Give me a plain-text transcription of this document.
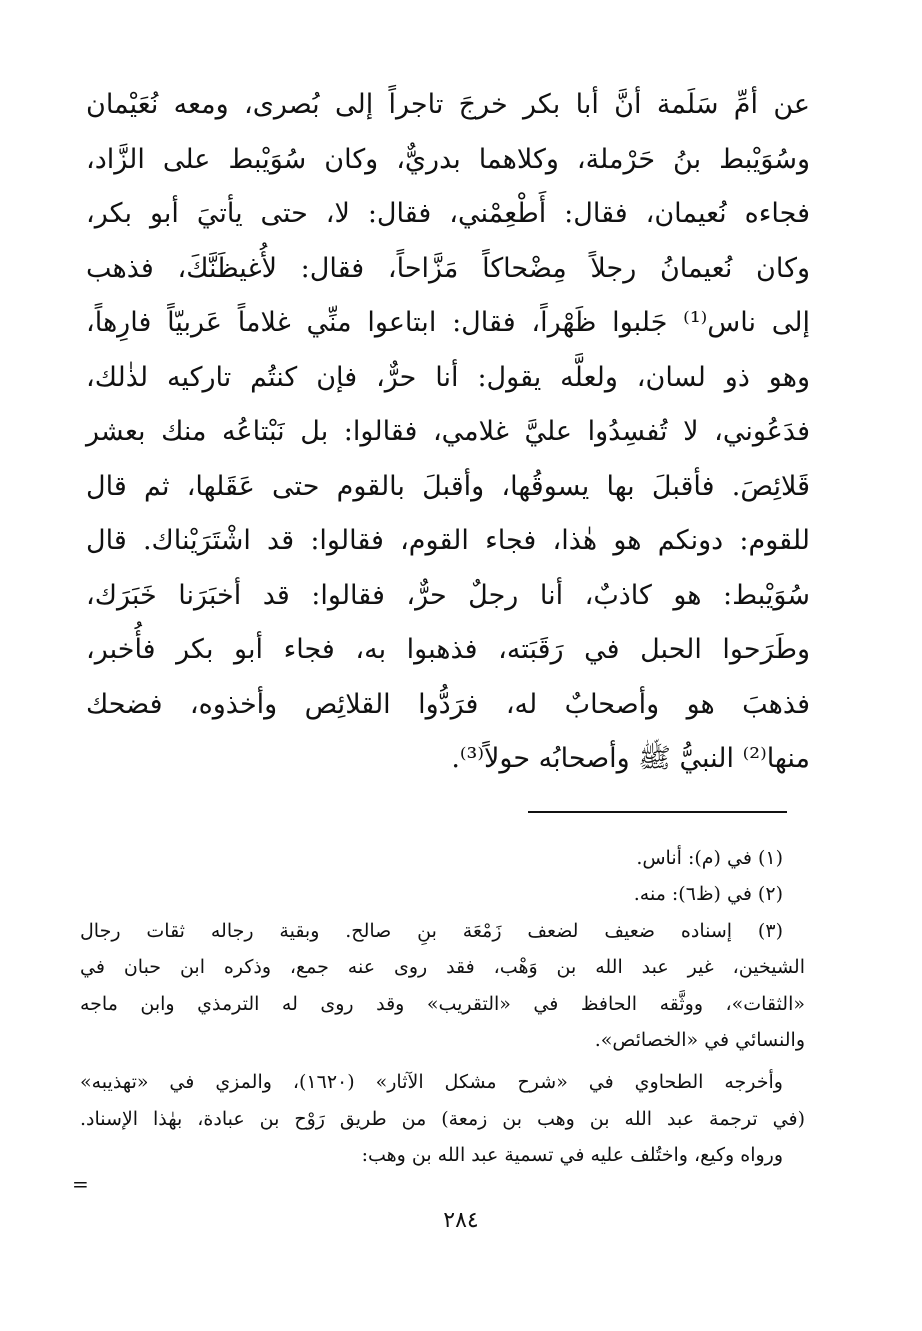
عن أمِّ سَلَمة أنَّ أبا بكر خرجَ تاجراً إلى بُصرى، ومعه نُعَيْمان
وسُوَيْبط بنُ حَرْملة، وكلاهما بدريٌّ، وكان سُوَيْبط على الزَّاد،
فجاءه نُعيمان، فقال: أَطْعِمْني، فقال: لا، حتى يأتيَ أبو بكر،
وكان نُعيمانُ رجلاً مِضْحاكاً مَزَّاحاً، فقال: لأُغيظَنَّكَ، فذهب
إلى ناس⁽¹⁾ جَلبوا ظَهْراً، فقال: ابتاعوا منِّي غلاماً عَربيّاً فارِهاً،
وهو ذو لسان، ولعلَّه يقول: أنا حرٌّ، فإن كنتُم تاركيه لذٰلك،
فدَعُوني، لا تُفسِدُوا عليَّ غلامي، فقالوا: بل نَبْتاعُه منك بعشر
قَلائِصَ. فأقبلَ بها يسوقُها، وأقبلَ بالقوم حتى عَقَلها، ثم قال
للقوم: دونكم هو هٰذا، فجاء القوم، فقالوا: قد اشْتَرَيْناك. قال
سُوَيْبط: هو كاذبٌ، أنا رجلٌ حرٌّ، فقالوا: قد أخبَرَنا خَبَرَك،
وطَرَحوا الحبل في رَقَبَته، فذهبوا به، فجاء أبو بكر فأُخبر،
فذهبَ هو وأصحابٌ له، فرَدُّوا القلائِص وأخذوه، فضحك
منها⁽²⁾ النبيُّ ﷺ وأصحابُه حولاً⁽³⁾.
(١) في (م): أناس.
(٢) في (ظ٦): منه.
(٣) إسناده ضعيف لضعف زَمْعَة بنِ صالح. وبقية رجاله ثقات رجال
الشيخين، غير عبد الله بن وَهْب، فقد روى عنه جمع، وذكره ابن حبان في
«الثقات»، ووثَّقه الحافظ في «التقريب» وقد روى له الترمذي وابن ماجه
والنسائي في «الخصائص».
وأخرجه الطحاوي في «شرح مشكل الآثار» (١٦٢٠)، والمزي في «تهذيبه»
(في ترجمة عبد الله بن وهب بن زمعة) من طريق رَوْح بن عبادة، بهٰذا الإسناد.
ورواه وكيع، واختُلف عليه في تسمية عبد الله بن وهب:
=
٢٨٤
